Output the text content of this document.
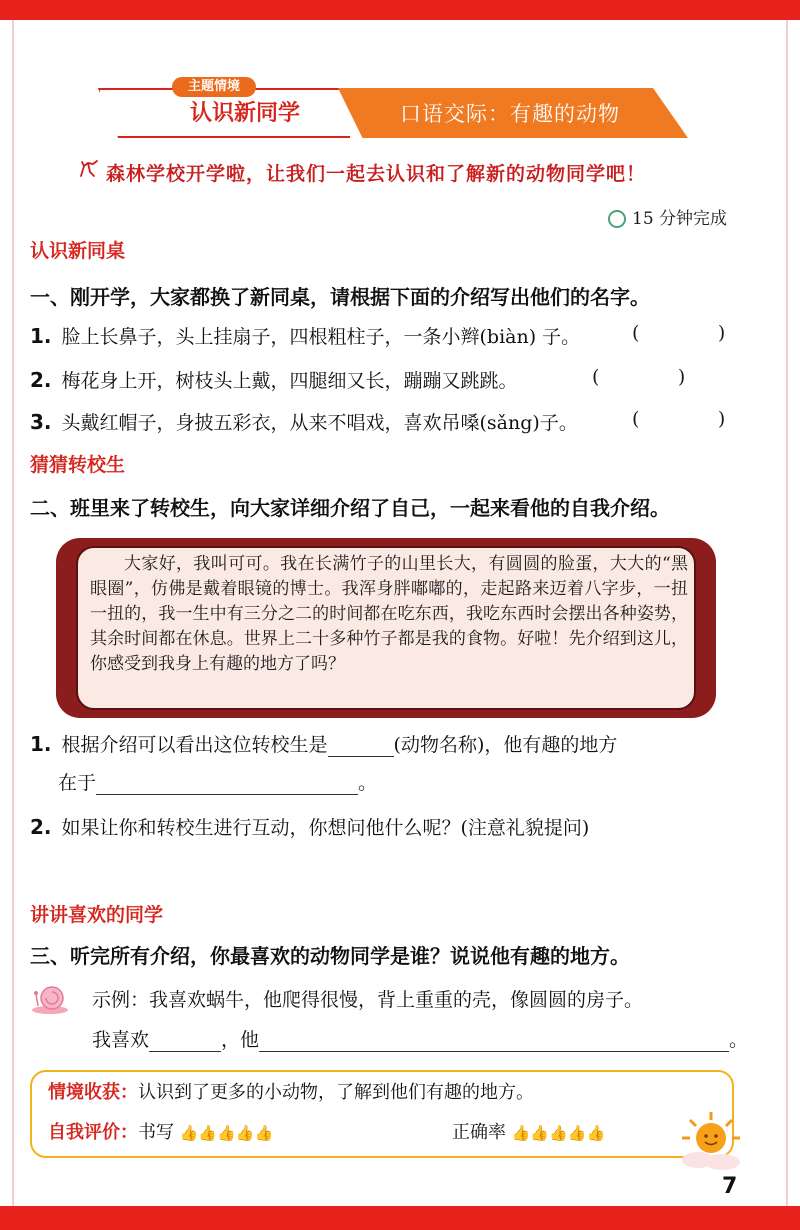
主题情境
认识新同学	口语交际：有趣的动物
森林学校开学啦，让我们一起去认识和了解新的动物同学吧！
15 分钟完成
认识新同桌
一、刚开学，大家都换了新同桌，请根据下面的介绍写出他们的名字。
1. 脸上长鼻子，头上挂扇子，四根粗柱子，一条小辫(biàn) 子。	(             )
2. 梅花身上开，树枝头上戴，四腿细又长，蹦蹦又跳跳。	(             )
3. 头戴红帽子，身披五彩衣，从来不唱戏，喜欢吊嗓(sǎng)子。	(             )
猜猜转校生
二、班里来了转校生，向大家详细介绍了自己，一起来看他的自我介绍。
大家好，我叫可可。我在长满竹子的山里长大，有圆圆的脸蛋，大大的“黑眼圈”，仿佛是戴着眼镜的博士。我浑身胖嘟嘟的，走起路来迈着八字步，一扭一扭的，我一生中有三分之二的时间都在吃东西，我吃东西时会摆出各种姿势，其余时间都在休息。世界上二十多种竹子都是我的食物。好啦！先介绍到这儿，你感受到我身上有趣的地方了吗？
1. 根据介绍可以看出这位转校生是	(动物名称)，他有趣的地方
在于	。
2. 如果让你和转校生进行互动，你想问他什么呢？(注意礼貌提问)
讲讲喜欢的同学
三、听完所有介绍，你最喜欢的动物同学是谁？说说他有趣的地方。
示例：我喜欢蜗牛，他爬得很慢，背上重重的壳，像圆圆的房子。
我喜欢	，他	。
情境收获：认识到了更多的小动物，了解到他们有趣的地方。
自我评价：书写 👍👍👍👍👍	正确率 👍👍👍👍👍
7
